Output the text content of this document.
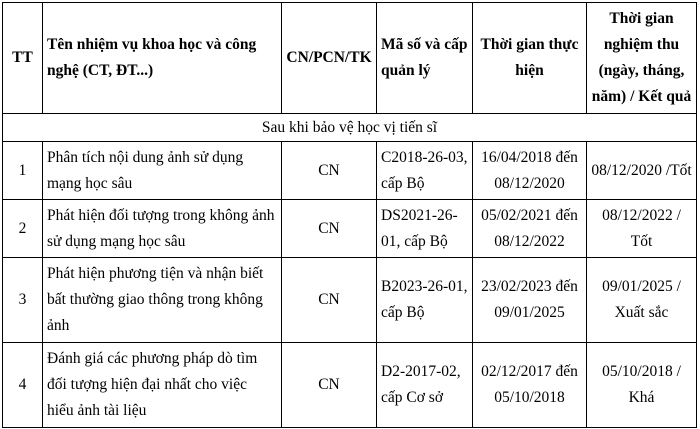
TT	Tên nhiệm vụ khoa học và công nghệ (CT, ĐT...)	CN/PCN/TK	Mã số và cấp quản lý	Thời gian thực hiện	Thời gian nghiệm thu (ngày, tháng, năm) / Kết quả
Sau khi bảo vệ học vị tiến sĩ					
1	Phân tích nội dung ảnh sử dụng mạng học sâu	CN	C2018-26-03, cấp Bộ	16/04/2018 đến 08/12/2020	08/12/2020 /Tốt
2	Phát hiện đối tượng trong không ảnh sử dụng mạng học sâu	CN	DS2021-26-01, cấp Bộ	05/02/2021 đến 08/12/2022	08/12/2022 / Tốt
3	Phát hiện phương tiện và nhận biết bất thường giao thông trong không ảnh	CN	B2023-26-01, cấp Bộ	23/02/2023 đến 09/01/2025	09/01/2025 / Xuất sắc
4	Đánh giá các phương pháp dò tìm đối tượng hiện đại nhất cho việc hiểu ảnh tài liệu	CN	D2-2017-02, cấp Cơ sở	02/12/2017 đến 05/10/2018	05/10/2018 / Khá
